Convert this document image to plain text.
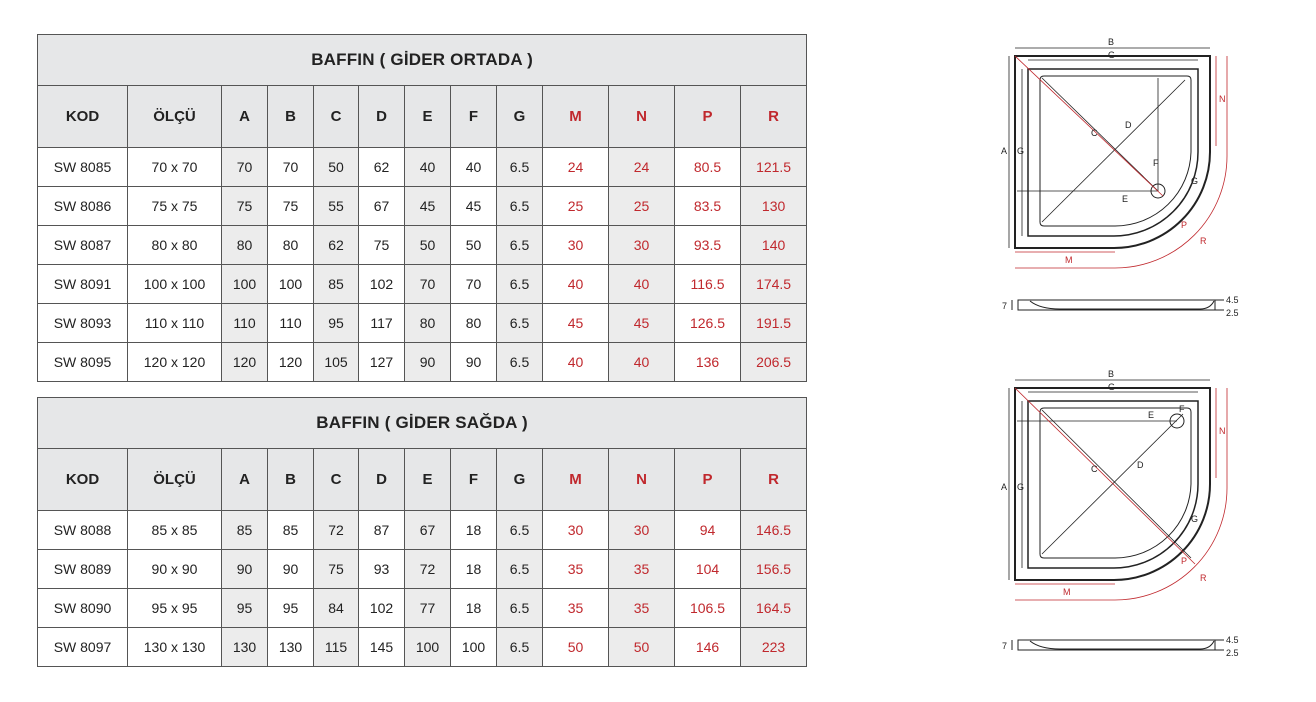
BAFFIN ( GİDER ORTADA )												
KOD	ÖLÇÜ	A	B	C	D	E	F	G	M	N	P	R
SW 8085	70 x 70	70	70	50	62	40	40	6.5	24	24	80.5	121.5
SW 8086	75 x 75	75	75	55	67	45	45	6.5	25	25	83.5	130
SW 8087	80 x 80	80	80	62	75	50	50	6.5	30	30	93.5	140
SW 8091	100 x 100	100	100	85	102	70	70	6.5	40	40	116.5	174.5
SW 8093	110 x 110	110	110	95	117	80	80	6.5	45	45	126.5	191.5
SW 8095	120 x 120	120	120	105	127	90	90	6.5	40	40	136	206.5
BAFFIN ( GİDER SAĞDA )												
KOD	ÖLÇÜ	A	B	C	D	E	F	G	M	N	P	R
SW 8088	85 x 85	85	85	72	87	67	18	6.5	30	30	94	146.5
SW 8089	90 x 90	90	90	75	93	72	18	6.5	35	35	104	156.5
SW 8090	95 x 95	95	95	84	102	77	18	6.5	35	35	106.5	164.5
SW 8097	130 x 130	130	130	115	145	100	100	6.5	50	50	146	223
B
G
A G
C
D
F
E
G
M
N
P
R
7
4.5
2.5
B
G
A G
C	D
E
F
G
M
N
P
R
7
4.5
2.5
